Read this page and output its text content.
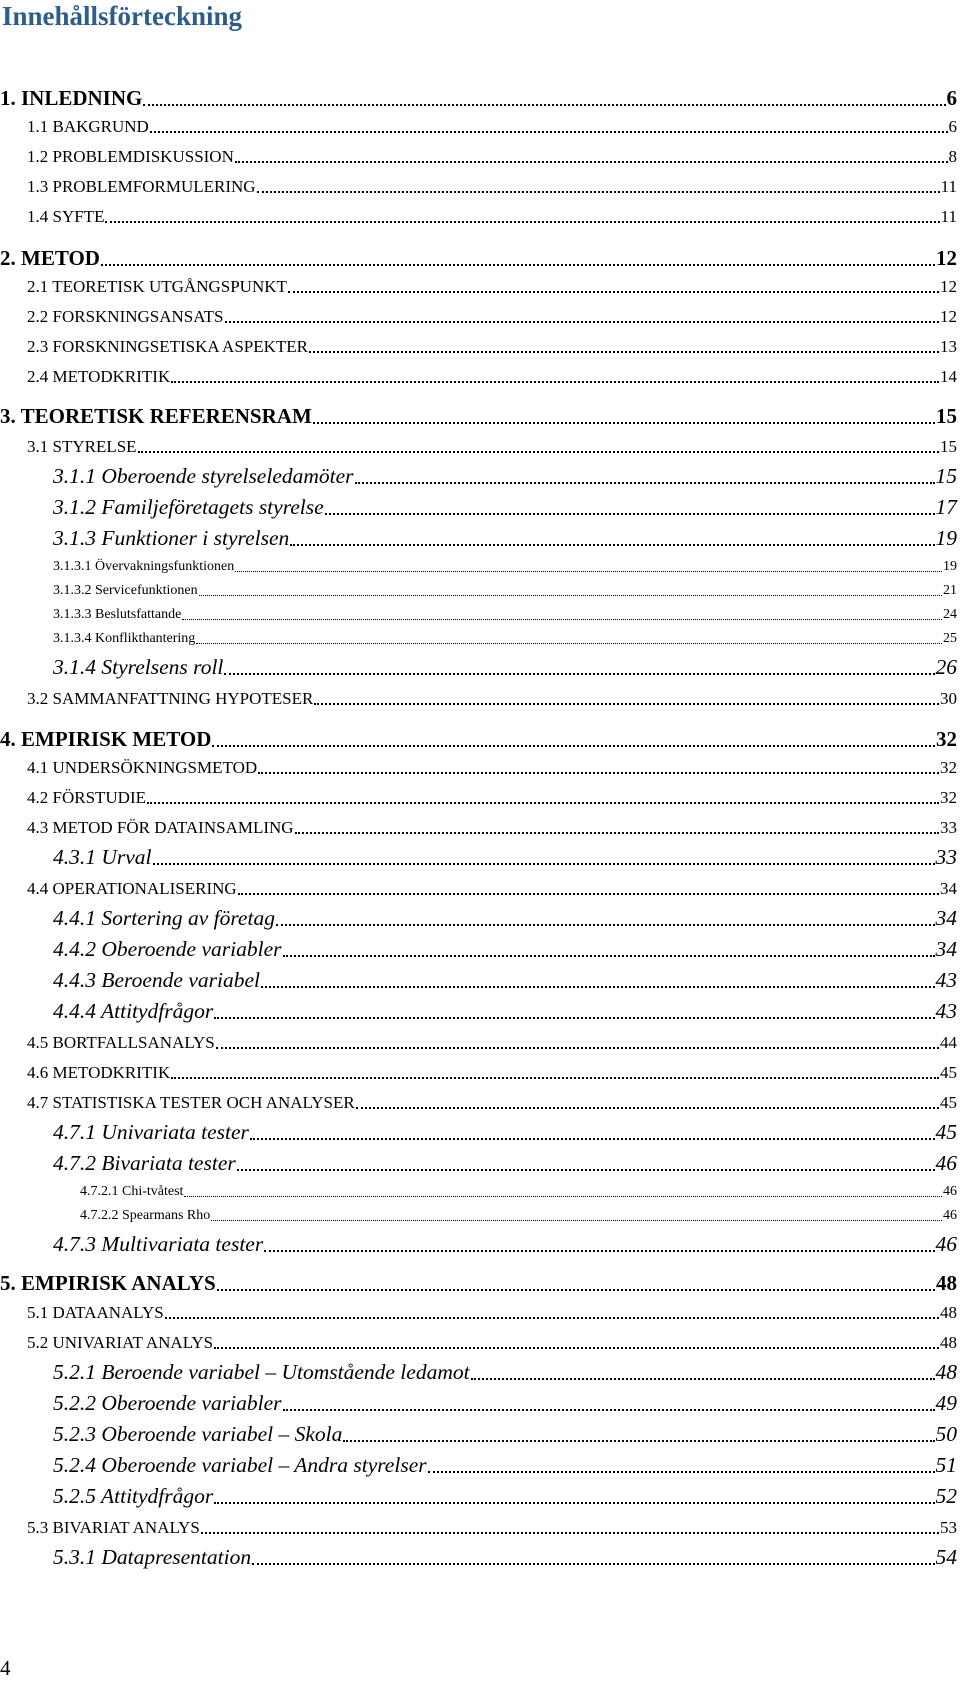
Innehållsförteckning
1. INLEDNING	6
1.1 BAKGRUND	6
1.2 PROBLEMDISKUSSION	8
1.3 PROBLEMFORMULERING	11
1.4 SYFTE	11
2. METOD	12
2.1 TEORETISK UTGÅNGSPUNKT	12
2.2 FORSKNINGSANSATS	12
2.3 FORSKNINGSETISKA ASPEKTER	13
2.4 METODKRITIK	14
3. TEORETISK REFERENSRAM	15
3.1 STYRELSE	15
3.1.1 Oberoende styrelseledamöter	15
3.1.2 Familjeföretagets styrelse	17
3.1.3 Funktioner i styrelsen	19
3.1.3.1 Övervakningsfunktionen	19
3.1.3.2 Servicefunktionen	21
3.1.3.3 Beslutsfattande	24
3.1.3.4 Konflikthantering	25
3.1.4 Styrelsens roll	26
3.2 SAMMANFATTNING HYPOTESER	30
4. EMPIRISK METOD	32
4.1 UNDERSÖKNINGSMETOD	32
4.2 FÖRSTUDIE	32
4.3 METOD FÖR DATAINSAMLING	33
4.3.1 Urval	33
4.4 OPERATIONALISERING	34
4.4.1 Sortering av företag	34
4.4.2 Oberoende variabler	34
4.4.3 Beroende variabel	43
4.4.4 Attitydfrågor	43
4.5 BORTFALLSANALYS	44
4.6 METODKRITIK	45
4.7 STATISTISKA TESTER OCH ANALYSER	45
4.7.1 Univariata tester	45
4.7.2 Bivariata tester	46
4.7.2.1 Chi-tvåtest	46
4.7.2.2 Spearmans Rho	46
4.7.3 Multivariata tester	46
5. EMPIRISK ANALYS	48
5.1 DATAANALYS	48
5.2 UNIVARIAT ANALYS	48
5.2.1 Beroende variabel – Utomstående ledamot	48
5.2.2 Oberoende variabler	49
5.2.3 Oberoende variabel – Skola	50
5.2.4 Oberoende variabel – Andra styrelser	51
5.2.5 Attitydfrågor	52
5.3 BIVARIAT ANALYS	53
5.3.1 Datapresentation	54

4
